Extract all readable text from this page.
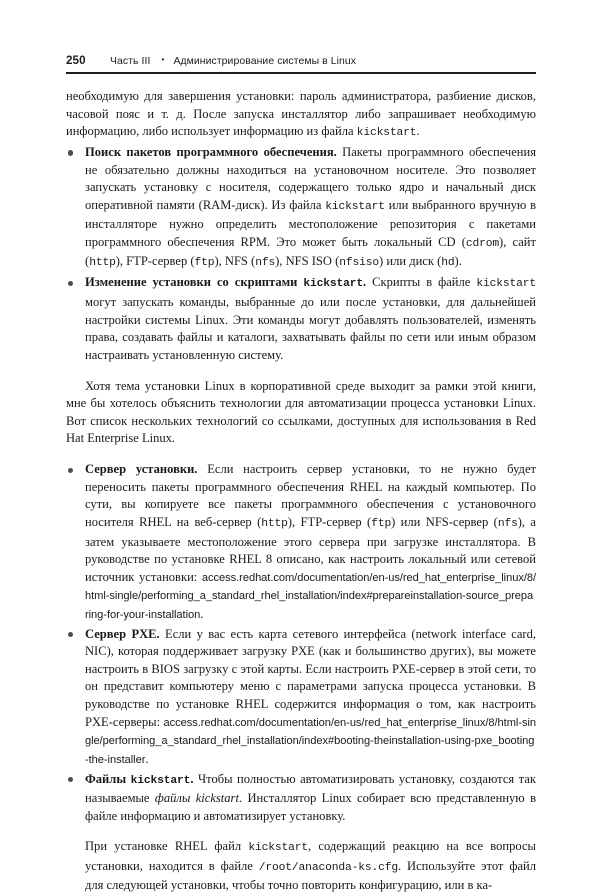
250	Часть III	• Администрирование системы в Linux

необходимую для завершения установки: пароль администратора, разбиение дисков, часовой пояс и т. д. После запуска инсталлятор либо запрашивает необходимую информацию, либо использует информацию из файла kickstart.

Поиск пакетов программного обеспечения. Пакеты программного обеспечения не обязательно должны находиться на установочном носителе. Это позволяет запускать установку с носителя, содержащего только ядро и начальный диск оперативной памяти (RAM-диск). Из файла kickstart или выбранного вручную в инсталляторе нужно определить местоположение репозитория с пакетами программного обеспечения RPM. Это может быть локальный CD (cdrom), сайт (http), FTP-сервер (ftp), NFS (nfs), NFS ISO (nfsiso) или диск (hd).

Изменение установки со скриптами kickstart. Скрипты в файле kickstart могут запускать команды, выбранные до или после установки, для дальнейшей настройки системы Linux. Эти команды могут добавлять пользователей, изменять права, создавать файлы и каталоги, захватывать файлы по сети или иным образом настраивать установленную систему.

Хотя тема установки Linux в корпоративной среде выходит за рамки этой книги, мне бы хотелось объяснить технологии для автоматизации процесса установки Linux. Вот список нескольких технологий со ссылками, доступных для использования в Red Hat Enterprise Linux.

Сервер установки. Если настроить сервер установки, то не нужно будет переносить пакеты программного обеспечения RHEL на каждый компьютер. По сути, вы копируете все пакеты программного обеспечения с установочного носителя RHEL на веб-сервер (http), FTP-сервер (ftp) или NFS-сервер (nfs), а затем указываете местоположение этого сервера при загрузке инсталлятора. В руководстве по установке RHEL 8 описано, как настроить локальный или сетевой источник установки: access.redhat.com/documentation/en-us/red_hat_enterprise_linux/8/html-single/performing_a_standard_rhel_installation/index#prepareinstallation-source_preparing-for-your-installation.

Сервер PXE. Если у вас есть карта сетевого интерфейса (network interface card, NIC), которая поддерживает загрузку PXE (как и большинство других), вы можете настроить в BIOS загрузку с этой карты. Если настроить PXE-сервер в этой сети, то он представит компьютеру меню с параметрами запуска процесса установки. В руководстве по установке RHEL содержится информация о том, как настроить PXE-серверы: access.redhat.com/documentation/en-us/red_hat_enterprise_linux/8/html-single/performing_a_standard_rhel_installation/index#booting-theinstallation-using-pxe_booting-the-installer.

Файлы kickstart. Чтобы полностью автоматизировать установку, создаются так называемые файлы kickstart. Инсталлятор Linux собирает всю представленную в файле информацию и автоматизирует установку.

При установке RHEL файл kickstart, содержащий реакцию на все вопросы установки, находится в файле /root/anaconda-ks.cfg. Используйте этот файл для следующей установки, чтобы точно повторить конфигурацию, или в ка-
